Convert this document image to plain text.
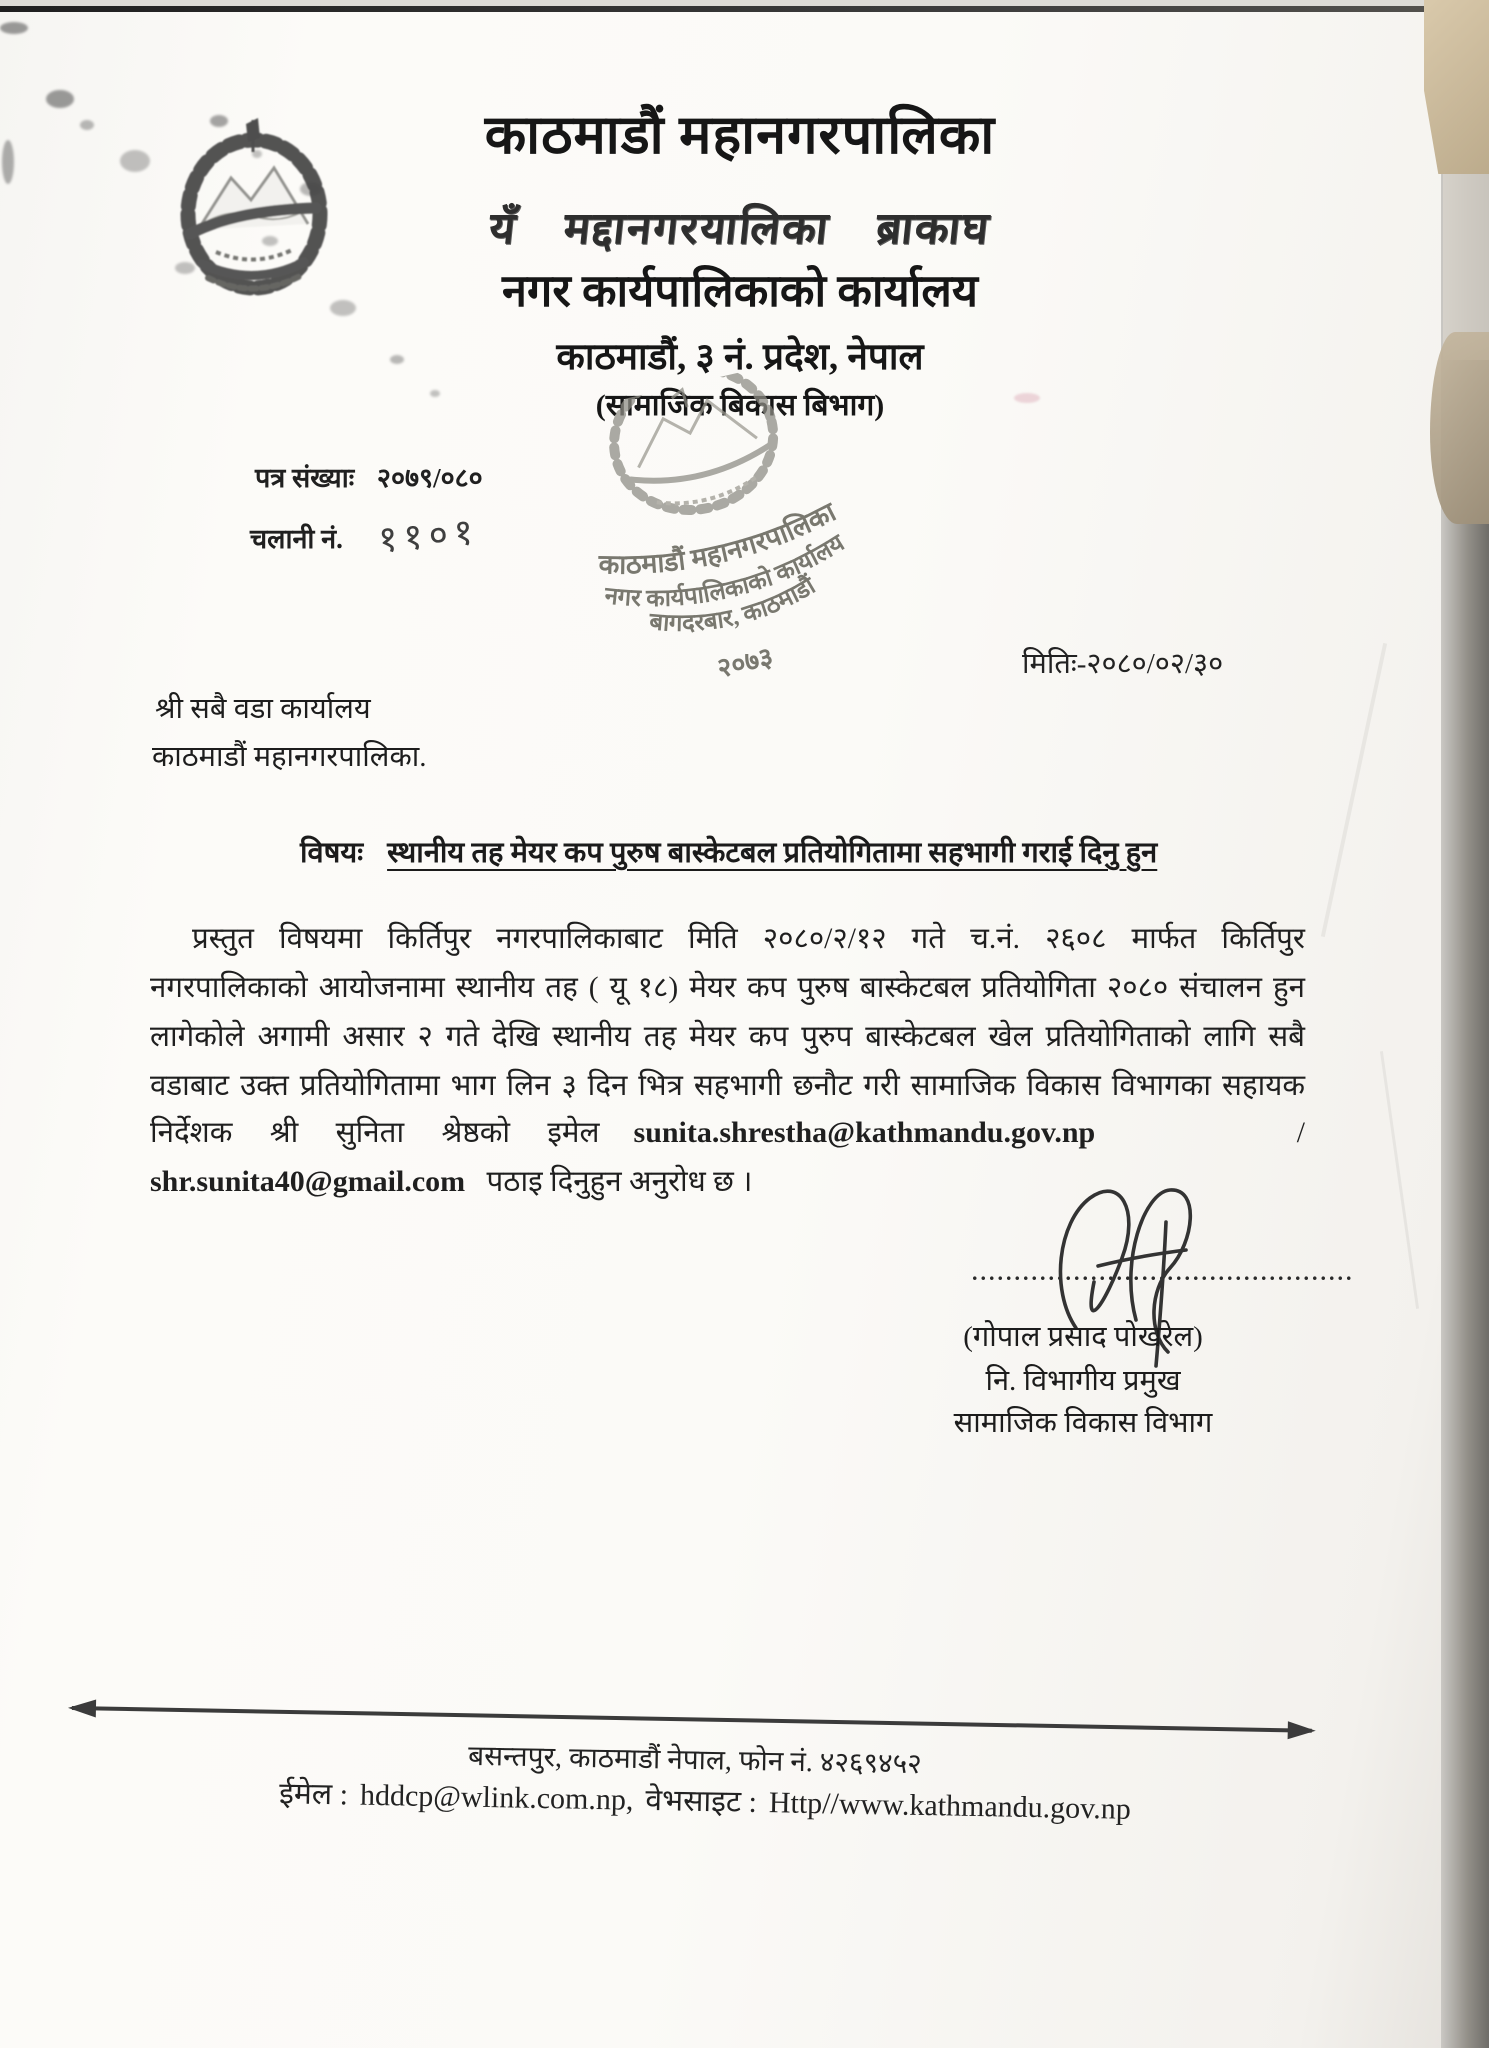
काठमाडौं महानगरपालिका
यँ मद्दानगरयालिका ब्राकाघ
नगर कार्यपालिकाको कार्यालय
काठमाडौं, ३ नं. प्रदेश, नेपाल
(सामाजिक बिकास बिभाग)
पत्र संख्याः २०७९/०८०
चलानी नं. ११०१
काठमाडौं महानगरपालिका
नगर कार्यपालिकाको कार्यालय
बागदरबार, काठमाडौं
२०७३	मितिः-२०८०/०२/३०
श्री सबै वडा कार्यालय
काठमाडौं महानगरपालिका.
विषयः स्थानीय तह मेयर कप पुरुष बास्केटबल प्रतियोगितामा सहभागी गराई दिनु हुन
प्रस्तुत विषयमा किर्तिपुर नगरपालिकाबाट मिति २०८०/२/१२ गते च.नं. २६०८ मार्फत किर्तिपुर
नगरपालिकाको आयोजनामा स्थानीय तह ( यू १८) मेयर कप पुरुष बास्केटबल प्रतियोगिता २०८० संचालन हुन
लागेकोले अगामी असार २ गते देखि स्थानीय तह मेयर कप पुरुप बास्केटबल खेल प्रतियोगिताको लागि सबै
वडाबाट उक्त प्रतियोगितामा भाग लिन ३ दिन भित्र सहभागी छनौट गरी सामाजिक विकास विभागका सहायक
निर्देशक श्री सुनिता श्रेष्ठको इमेल sunita.shrestha@kathmandu.gov.np	/
shr.sunita40@gmail.com पठाइ दिनुहुन अनुरोध छ ।
.............................................
(गोपाल प्रसाद पोखरेल)
नि. विभागीय प्रमुख
सामाजिक विकास विभाग
बसन्तपुर, काठमाडौं नेपाल, फोन नं. ४२६९४५२
ईमेल : hddcp@wlink.com.np, वेभसाइट : Http//www.kathmandu.gov.np
